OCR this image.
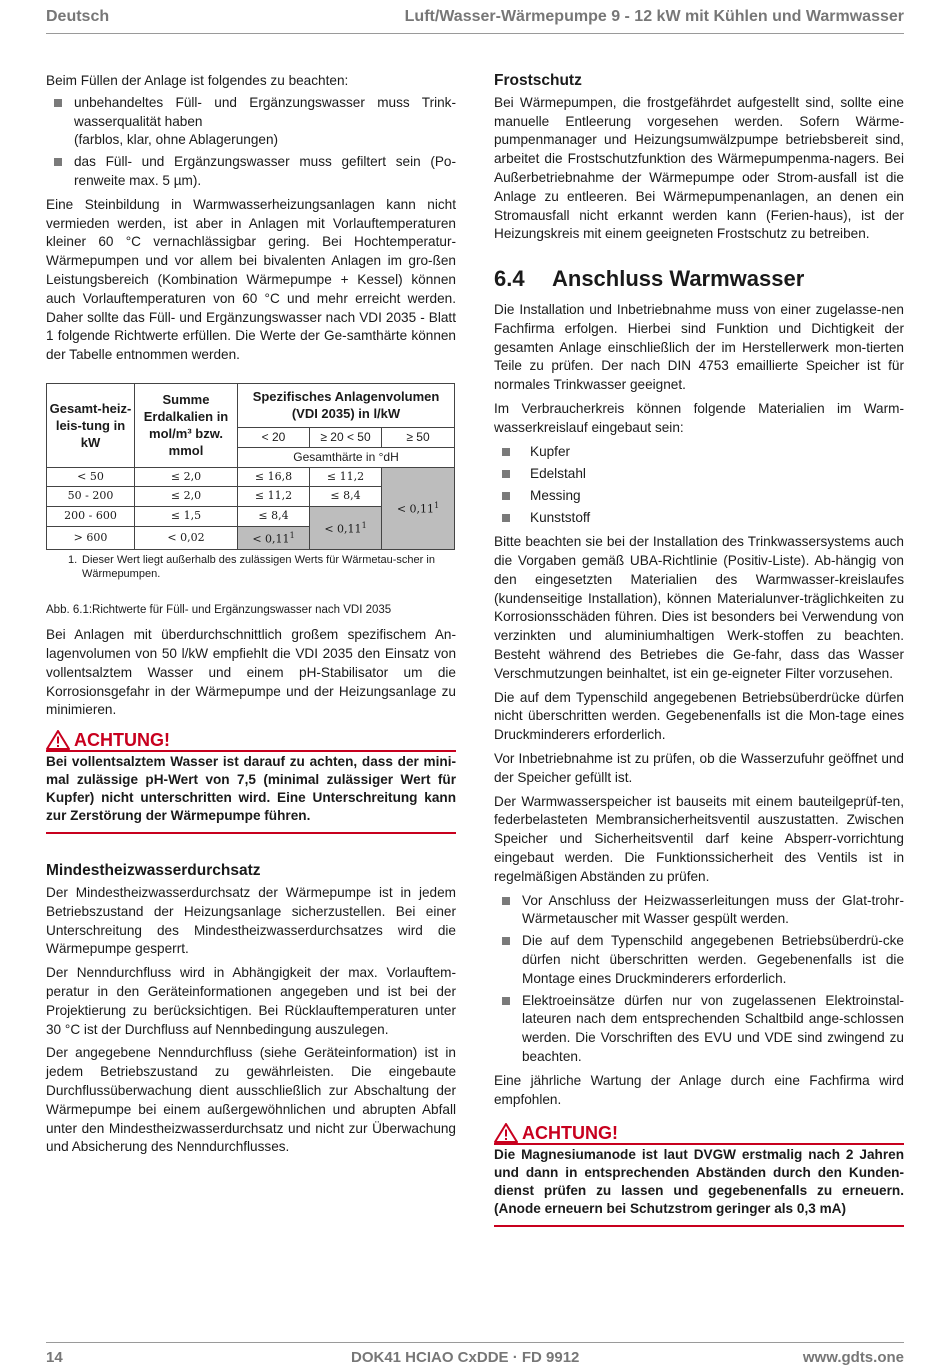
Deutsch	Luft/Wasser-Wärmepumpe 9 - 12 kW mit Kühlen und Warmwasser

Beim Füllen der Anlage ist folgendes zu beachten:

unbehandeltes Füll- und Ergänzungswasser muss Trink-wasserqualität haben
(farblos, klar, ohne Ablagerungen)
das Füll- und Ergänzungswasser muss gefiltert sein (Po-renweite max. 5 µm).

Eine Steinbildung in Warmwasserheizungsanlagen kann nicht vermieden werden, ist aber in Anlagen mit Vorlauftemperaturen kleiner 60 °C vernachlässigbar gering. Bei Hochtemperatur-Wärmepumpen und vor allem bei bivalenten Anlagen im gro-ßen Leistungsbereich (Kombination Wärmepumpe + Kessel) können auch Vorlauftemperaturen von 60 °C und mehr erreicht werden. Daher sollte das Füll- und Ergänzungswasser nach VDI 2035 - Blatt 1 folgende Richtwerte erfüllen. Die Werte der Ge-samthärte können der Tabelle entnommen werden.

Gesamt-heiz- leis-tung in kW	Summe Erdalkalien in mol/m³ bzw. mmol	Spezifisches Anlagenvolumen (VDI 2035) in l/kW		
		< 20	≥ 20 < 50	≥ 50
		Gesamthärte in °dH		
< 50	≤ 2,0	≤ 16,8	≤ 11,2	< $0,11^1$
50 - 200	≤ 2,0	≤ 11,2	≤ 8,4	
200 - 600	≤ 1,5	≤ 8,4	< $0,11^1$
> 600	< 0,02	< $0,11^1$
1. Dieser Wert liegt außerhalb des zulässigen Werts für Wärmetau-scher in Wärmepumpen.
Abb. 6.1:Richtwerte für Füll- und Ergänzungswasser nach VDI 2035

Bei Anlagen mit überdurchschnittlich großem spezifischem An-lagenvolumen von 50 l/kW empfiehlt die VDI 2035 den Einsatz von vollentsalztem Wasser und einem pH-Stabilisator um die Korrosionsgefahr in der Wärmepumpe und der Heizungsanlage zu minimieren.

ACHTUNG!
Bei vollentsalztem Wasser ist darauf zu achten, dass der mini-mal zulässige pH-Wert von 7,5 (minimal zulässiger Wert für Kupfer) nicht unterschritten wird. Eine Unterschreitung kann zur Zerstörung der Wärmepumpe führen.
Mindestheizwasserdurchsatz

Der Mindestheizwasserdurchsatz der Wärmepumpe ist in jedem Betriebszustand der Heizungsanlage sicherzustellen. Bei einer Unterschreitung des Mindestheizwasserdurchsatzes wird die Wärmepumpe gesperrt.

Der Nenndurchfluss wird in Abhängigkeit der max. Vorlauftem-peratur in den Geräteinformationen angegeben und ist bei der Projektierung zu berücksichtigen. Bei Rücklauftemperaturen unter 30 °C ist der Durchfluss auf Nennbedingung auszulegen.

Der angegebene Nenndurchfluss (siehe Geräteinformation) ist in jedem Betriebszustand zu gewährleisten. Die eingebaute Durchflussüberwachung dient ausschließlich zur Abschaltung der Wärmepumpe bei einem außergewöhnlichen und abrupten Abfall unter den Mindestheizwasserdurchsatz und nicht zur Überwachung und Absicherung des Nenndurchflusses.

Frostschutz

Bei Wärmepumpen, die frostgefährdet aufgestellt sind, sollte eine manuelle Entleerung vorgesehen werden. Sofern Wärme-pumpenmanager und Heizungsumwälzpumpe betriebsbereit sind, arbeitet die Frostschutzfunktion des Wärmepumpenma-nagers. Bei Außerbetriebnahme der Wärmepumpe oder Strom-ausfall ist die Anlage zu entleeren. Bei Wärmepumpenanlagen, an denen ein Stromausfall nicht erkannt werden kann (Ferien-haus), ist der Heizungskreis mit einem geeigneten Frostschutz zu betreiben.

6.4 Anschluss Warmwasser

Die Installation und Inbetriebnahme muss von einer zugelasse-nen Fachfirma erfolgen. Hierbei sind Funktion und Dichtigkeit der gesamten Anlage einschließlich der im Herstellerwerk mon-tierten Teile zu prüfen. Der nach DIN 4753 emaillierte Speicher ist für normales Trinkwasser geeignet.

Im Verbraucherkreis können folgende Materialien im Warm-wasserkreislauf eingebaut sein:

Kupfer
Edelstahl
Messing
Kunststoff

Bitte beachten sie bei der Installation des Trinkwassersystems auch die Vorgaben gemäß UBA-Richtlinie (Positiv-Liste). Ab-hängig von den eingesetzten Materialien des Warmwasser-kreislaufes (kundenseitige Installation), können Materialunver-träglichkeiten zu Korrosionsschäden führen. Dies ist besonders bei Verwendung von verzinkten und aluminiumhaltigen Werk-stoffen zu beachten. Besteht während des Betriebes die Ge-fahr, dass das Wasser Verschmutzungen beinhaltet, ist ein ge-eigneter Filter vorzusehen.

Die auf dem Typenschild angegebenen Betriebsüberdrücke dürfen nicht überschritten werden. Gegebenenfalls ist die Mon-tage eines Druckminderers erforderlich.

Vor Inbetriebnahme ist zu prüfen, ob die Wasserzufuhr geöffnet und der Speicher gefüllt ist.

Der Warmwasserspeicher ist bauseits mit einem bauteilgeprüf-ten, federbelasteten Membransicherheitsventil auszustatten. Zwischen Speicher und Sicherheitsventil darf keine Absperr-vorrichtung eingebaut werden. Die Funktionssicherheit des Ventils ist in regelmäßigen Abständen zu prüfen.

Vor Anschluss der Heizwasserleitungen muss der Glat-trohr-Wärmetauscher mit Wasser gespült werden.
Die auf dem Typenschild angegebenen Betriebsüberdrü-cke dürfen nicht überschritten werden. Gegebenenfalls ist die Montage eines Druckminderers erforderlich.
Elektroeinsätze dürfen nur von zugelassenen Elektroinstal-lateuren nach dem entsprechenden Schaltbild ange-schlossen werden. Die Vorschriften des EVU und VDE sind zwingend zu beachten.

Eine jährliche Wartung der Anlage durch eine Fachfirma wird empfohlen.

ACHTUNG!
Die Magnesiumanode ist laut DVGW erstmalig nach 2 Jahren und dann in entsprechenden Abständen durch den Kunden-dienst prüfen zu lassen und gegebenenfalls zu erneuern. (Anode erneuern bei Schutzstrom geringer als 0,3 mA)
14	DOK41 HCIAO CxDDE · FD 9912	www.gdts.one
